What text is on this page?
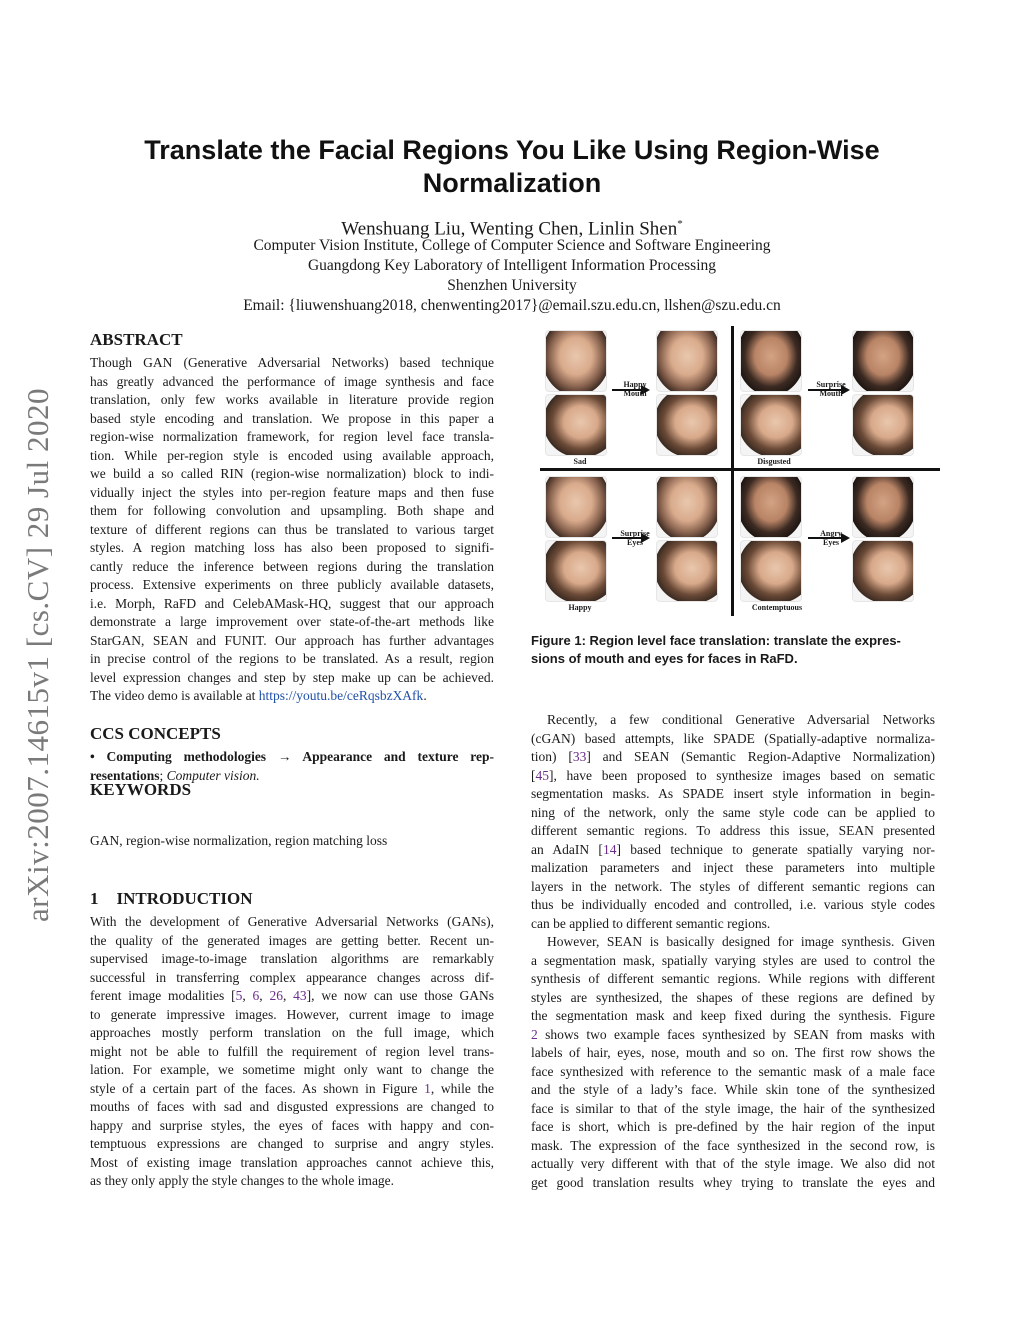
arXiv:2007.14615v1 [cs.CV] 29 Jul 2020
Translate the Facial Regions You Like Using Region-Wise
Normalization
Wenshuang Liu, Wenting Chen, Linlin Shen*
Computer Vision Institute, College of Computer Science and Software Engineering
Guangdong Key Laboratory of Intelligent Information Processing
Shenzhen University
Email: {liuwenshuang2018, chenwenting2017}@email.szu.edu.cn, llshen@szu.edu.cn
ABSTRACT
Though GAN (Generative Adversarial Networks) based technique
has greatly advanced the performance of image synthesis and face
translation, only few works available in literature provide region
based style encoding and translation. We propose in this paper a
region-wise normalization framework, for region level face transla-
tion. While per-region style is encoded using available approach,
we build a so called RIN (region-wise normalization) block to indi-
vidually inject the styles into per-region feature maps and then fuse
them for following convolution and upsampling. Both shape and
texture of different regions can thus be translated to various target
styles. A region matching loss has also been proposed to signifi-
cantly reduce the inference between regions during the translation
process. Extensive experiments on three publicly available datasets,
i.e. Morph, RaFD and CelebAMask-HQ, suggest that our approach
demonstrate a large improvement over state-of-the-art methods like
StarGAN, SEAN and FUNIT. Our approach has further advantages
in precise control of the regions to be translated. As a result, region
level expression changes and step by step make up can be achieved.
The video demo is available at https://youtu.be/ceRqsbzXAfk.
CCS CONCEPTS
• Computing methodologies → Appearance and texture rep-
resentations; Computer vision.
KEYWORDS
GAN, region-wise normalization, region matching loss
1 INTRODUCTION
With the development of Generative Adversarial Networks (GANs),
the quality of the generated images are getting better. Recent un-
supervised image-to-image translation algorithms are remarkably
successful in transferring complex appearance changes across dif-
ferent image modalities [5, 6, 26, 43], we now can use those GANs
to generate impressive images. However, current image to image
approaches mostly perform translation on the full image, which
might not be able to fulfill the requirement of region level trans-
lation. For example, we sometime might only want to change the
style of a certain part of the faces. As shown in Figure 1, while the
mouths of faces with sad and disgusted expressions are changed to
happy and surprise styles, the eyes of faces with happy and con-
temptuous expressions are changed to surprise and angry styles.
Most of existing image translation approaches cannot achieve this,
as they only apply the style changes to the whole image.
Happy
Mouth
Sad
Surprise
Mouth
Disgusted
Surprise
Eyes
Happy
Angry
Eyes
Contemptuous
Figure 1: Region level face translation: translate the expres-
sions of mouth and eyes for faces in RaFD.
Recently, a few conditional Generative Adversarial Networks
(cGAN) based attempts, like SPADE (Spatially-adaptive normaliza-
tion) [33] and SEAN (Semantic Region-Adaptive Normalization)
[45], have been proposed to synthesize images based on sematic
segmentation masks. As SPADE insert style information in begin-
ning of the network, only the same style code can be applied to
different semantic regions. To address this issue, SEAN presented
an AdaIN [14] based technique to generate spatially varying nor-
malization parameters and inject these parameters into multiple
layers in the network. The styles of different semantic regions can
thus be individually encoded and controlled, i.e. various style codes
can be applied to different semantic regions.
However, SEAN is basically designed for image synthesis. Given
a segmentation mask, spatially varying styles are used to control the
synthesis of different semantic regions. While regions with different
styles are synthesized, the shapes of these regions are defined by
the segmentation mask and keep fixed during the synthesis. Figure
2 shows two example faces synthesized by SEAN from masks with
labels of hair, eyes, nose, mouth and so on. The first row shows the
face synthesized with reference to the semantic mask of a male face
and the style of a lady’s face. While skin tone of the synthesized
face is similar to that of the style image, the hair of the synthesized
face is short, which is pre-defined by the hair region of the input
mask. The expression of the face synthesized in the second row, is
actually very different with that of the style image. We also did not
get good translation results whey trying to translate the eyes and
